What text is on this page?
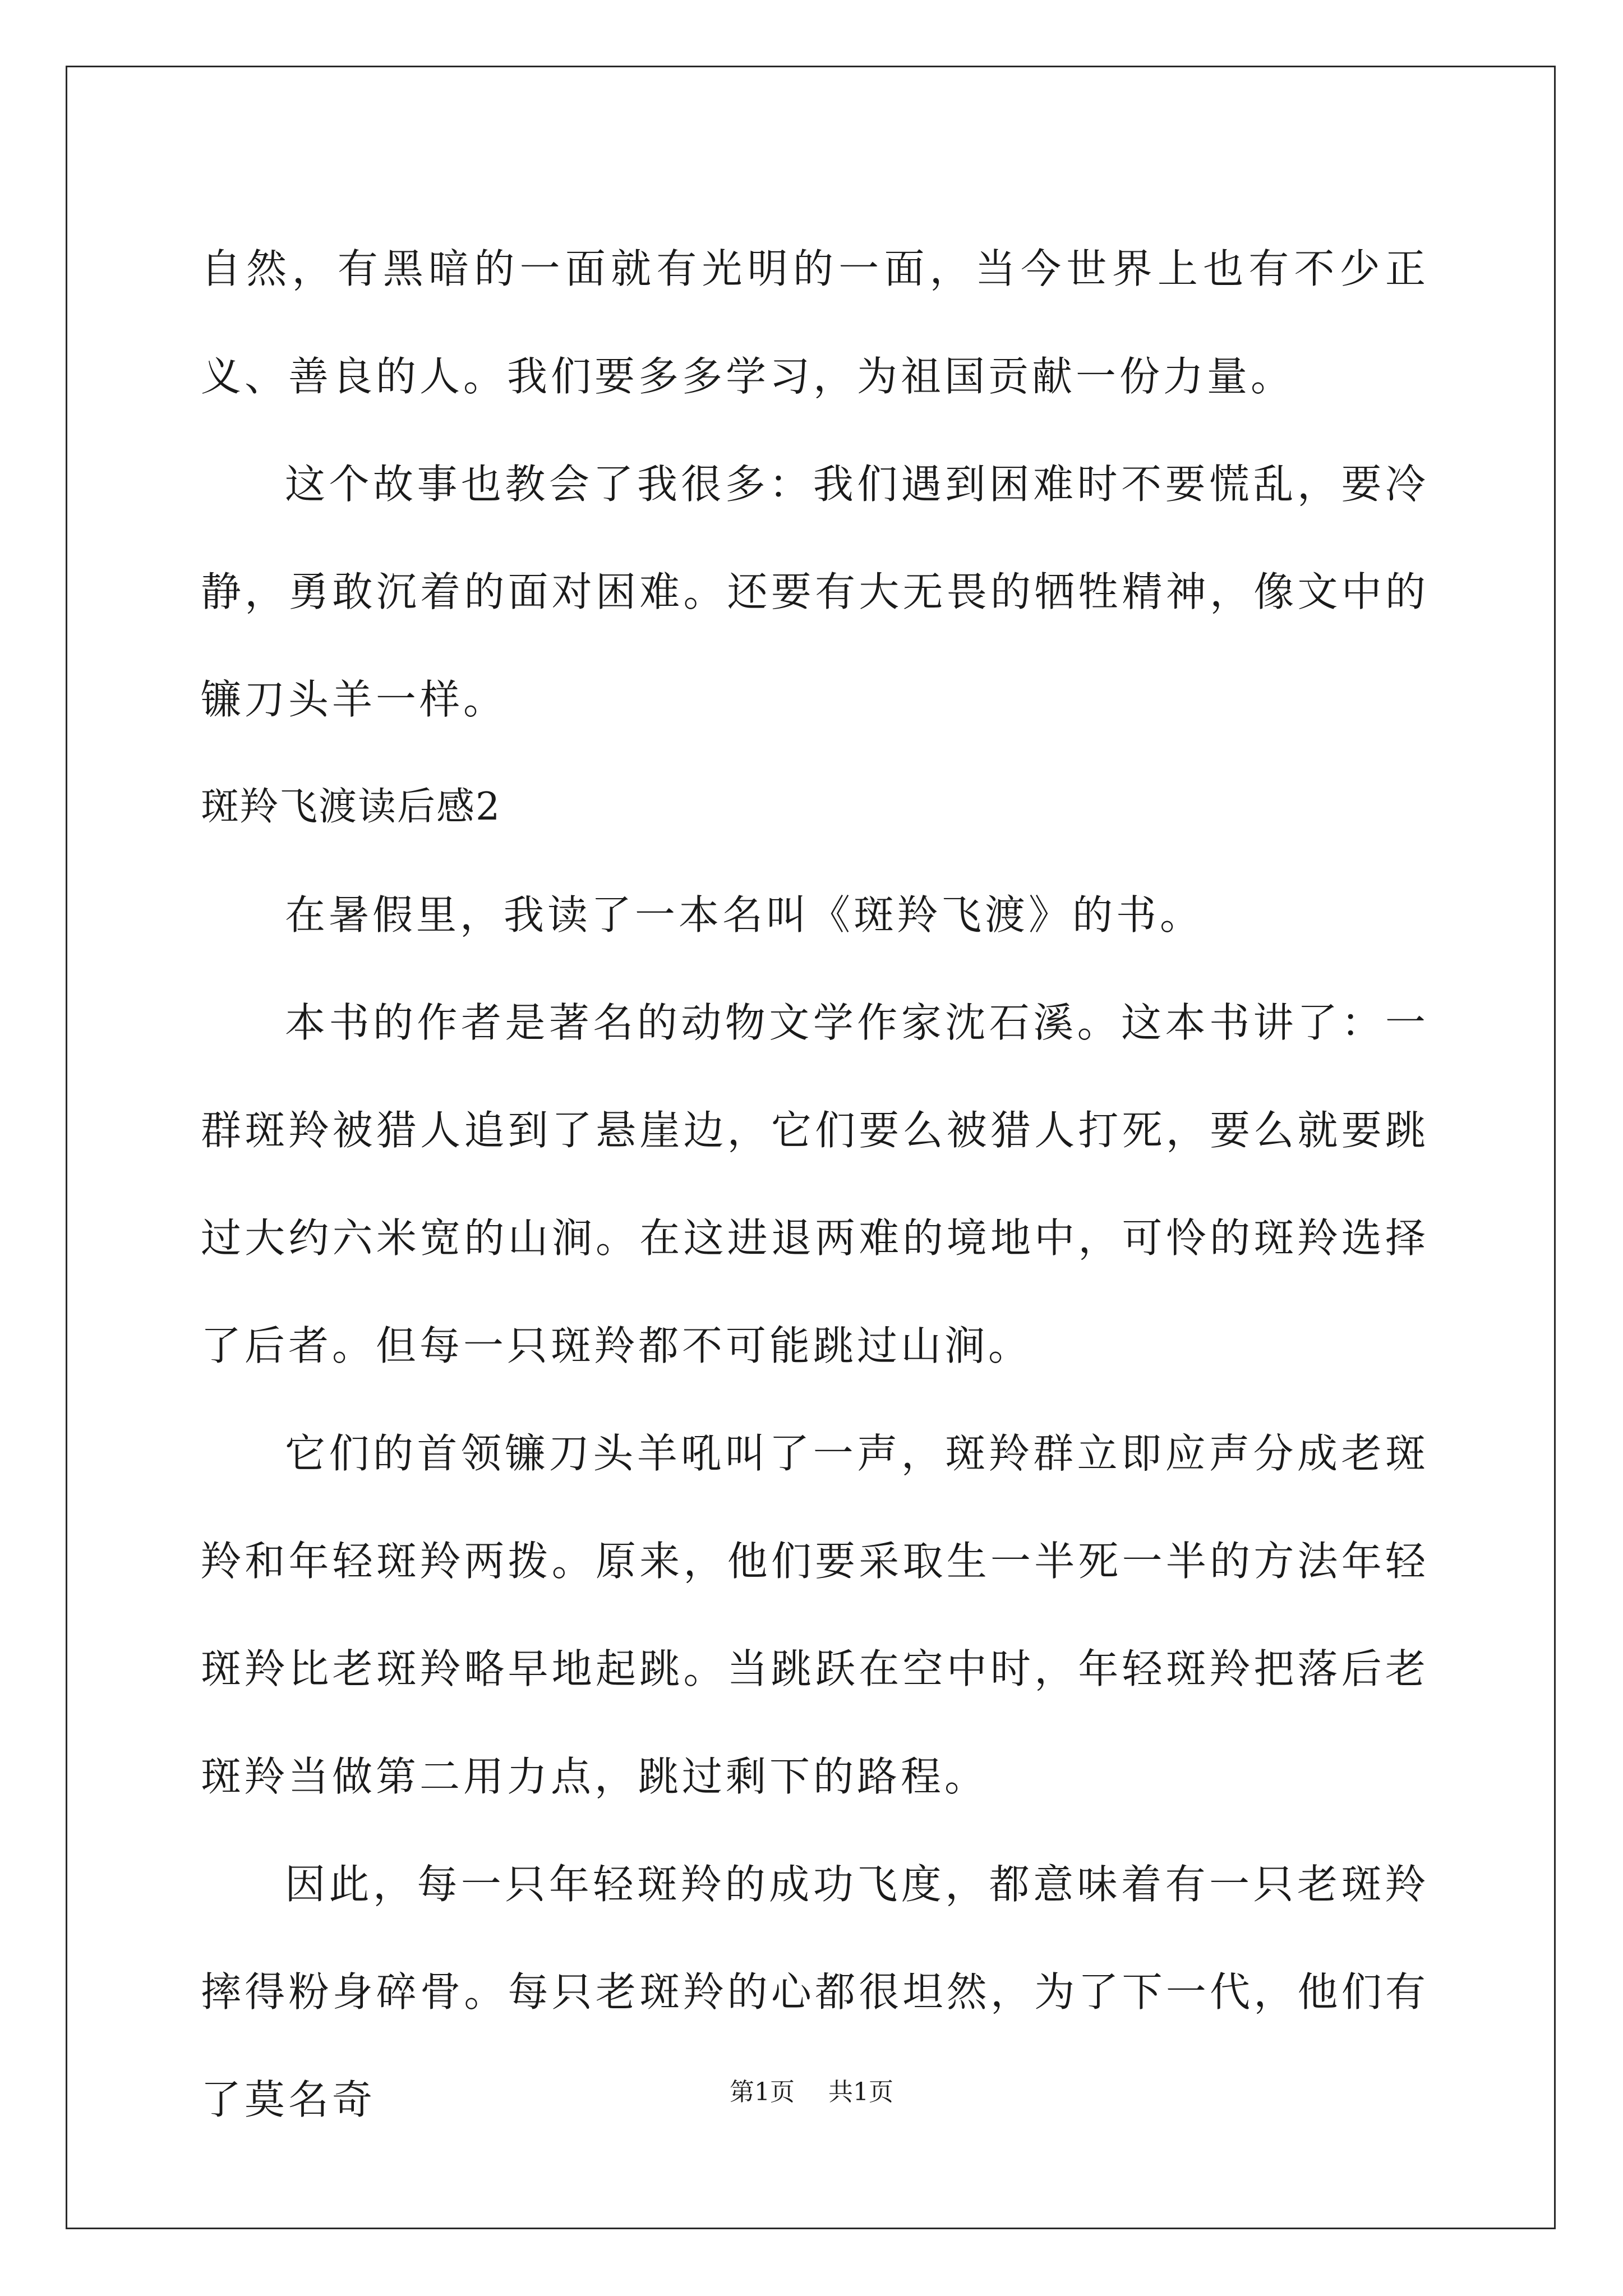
自然，有黑暗的一面就有光明的一面，当今世界上也有不少正义、善良的人。我们要多多学习，为祖国贡献一份力量。

这个故事也教会了我很多：我们遇到困难时不要慌乱，要冷静，勇敢沉着的面对困难。还要有大无畏的牺牲精神，像文中的镰刀头羊一样。

斑羚飞渡读后感2

在暑假里，我读了一本名叫《斑羚飞渡》的书。

本书的作者是著名的动物文学作家沈石溪。这本书讲了：一群斑羚被猎人追到了悬崖边，它们要么被猎人打死，要么就要跳过大约六米宽的山涧。在这进退两难的境地中，可怜的斑羚选择了后者。但每一只斑羚都不可能跳过山涧。

它们的首领镰刀头羊吼叫了一声，斑羚群立即应声分成老斑羚和年轻斑羚两拨。原来，他们要采取生一半死一半的方法年轻斑羚比老斑羚略早地起跳。当跳跃在空中时，年轻斑羚把落后老斑羚当做第二用力点，跳过剩下的路程。

因此，每一只年轻斑羚的成功飞度，都意味着有一只老斑羚摔得粉身碎骨。每只老斑羚的心都很坦然，为了下一代，他们有了莫名奇	第1页 共1页
